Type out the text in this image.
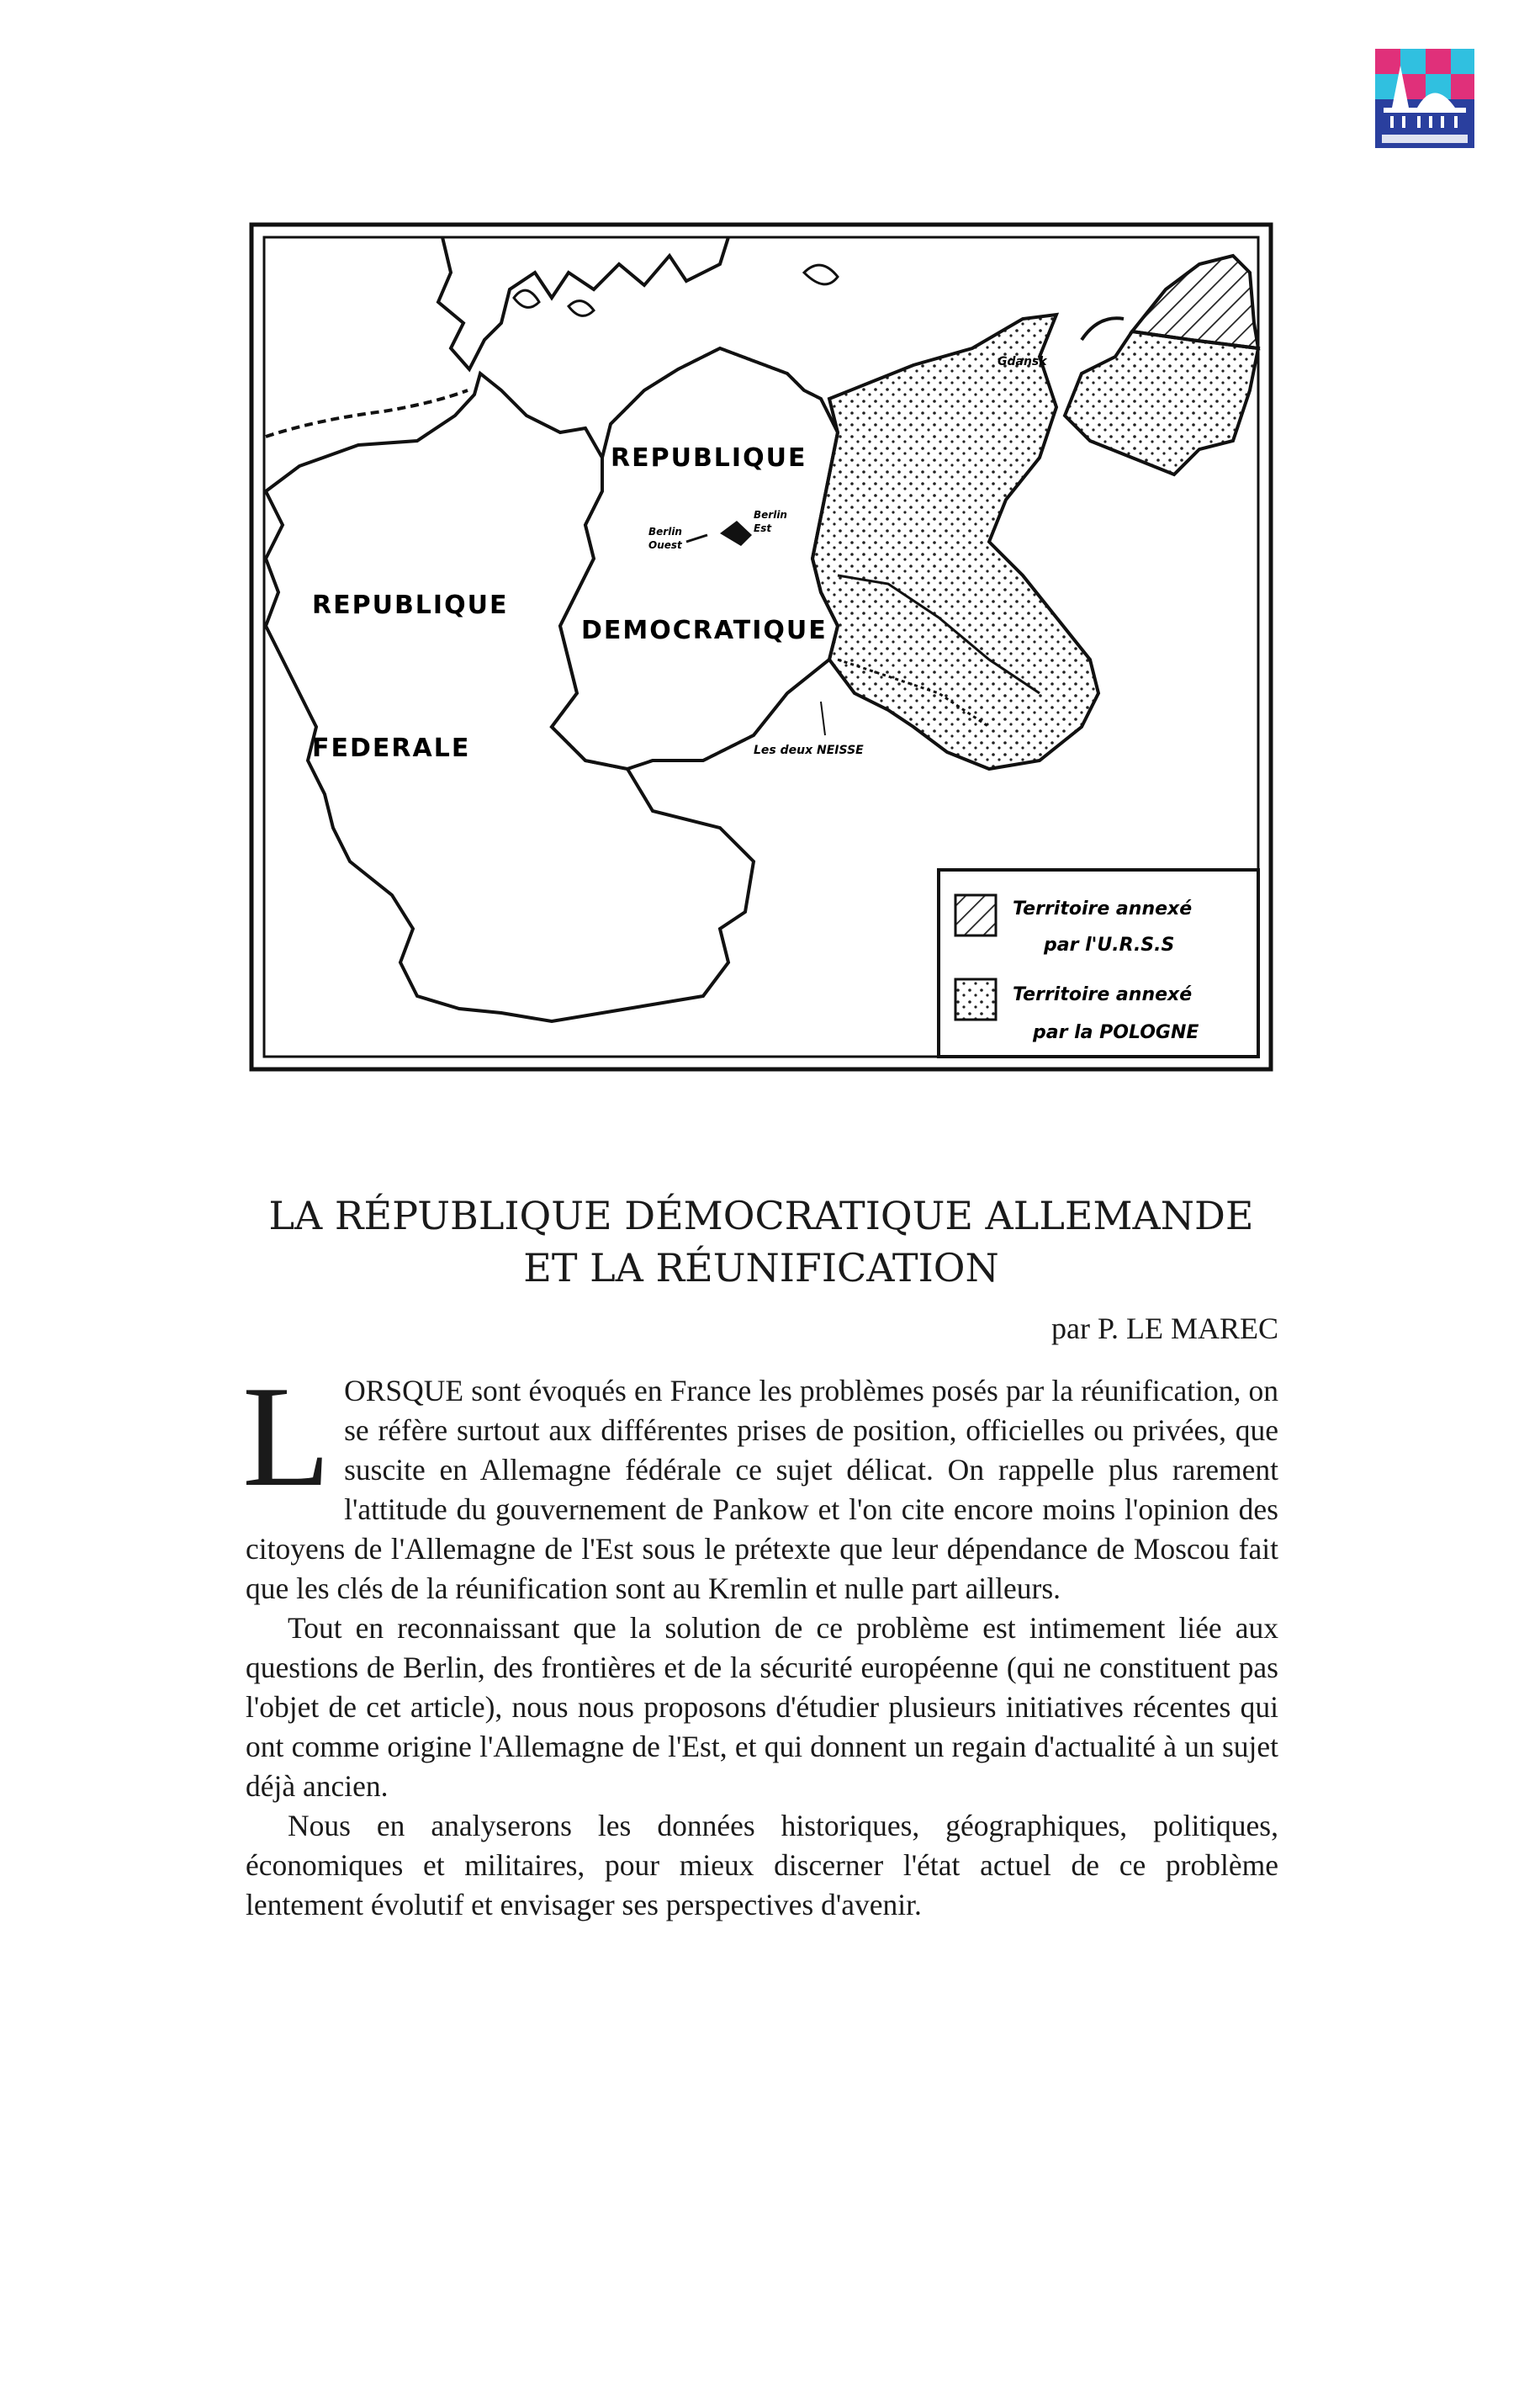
REPUBLIQUE
DEMOCRATIQUE
REPUBLIQUE
FEDERALE
Berlin
Ouest
Berlin
Est
Gdansk
Les deux NEISSE
Territoire annexé
par l'U.R.S.S
Territoire annexé
par la POLOGNE
LA RÉPUBLIQUE DÉMOCRATIQUE ALLEMANDE
ET LA RÉUNIFICATION
par P. LE MAREC

LORSQUE sont évoqués en France les problèmes posés par la réunification, on se réfère surtout aux différentes prises de position, officielles ou privées, que suscite en Allemagne fédérale ce sujet délicat. On rappelle plus rarement l'attitude du gouvernement de Pankow et l'on cite encore moins l'opinion des citoyens de l'Allemagne de l'Est sous le prétexte que leur dépendance de Moscou fait que les clés de la réunification sont au Kremlin et nulle part ailleurs.

Tout en reconnaissant que la solution de ce problème est intimement liée aux questions de Berlin, des frontières et de la sécurité européenne (qui ne constituent pas l'objet de cet article), nous nous proposons d'étudier plusieurs initiatives récentes qui ont comme origine l'Allemagne de l'Est, et qui donnent un regain d'actualité à un sujet déjà ancien.

Nous en analyserons les données historiques, géographiques, politiques, économiques et militaires, pour mieux discerner l'état actuel de ce problème lentement évolutif et envisager ses perspectives d'avenir.
